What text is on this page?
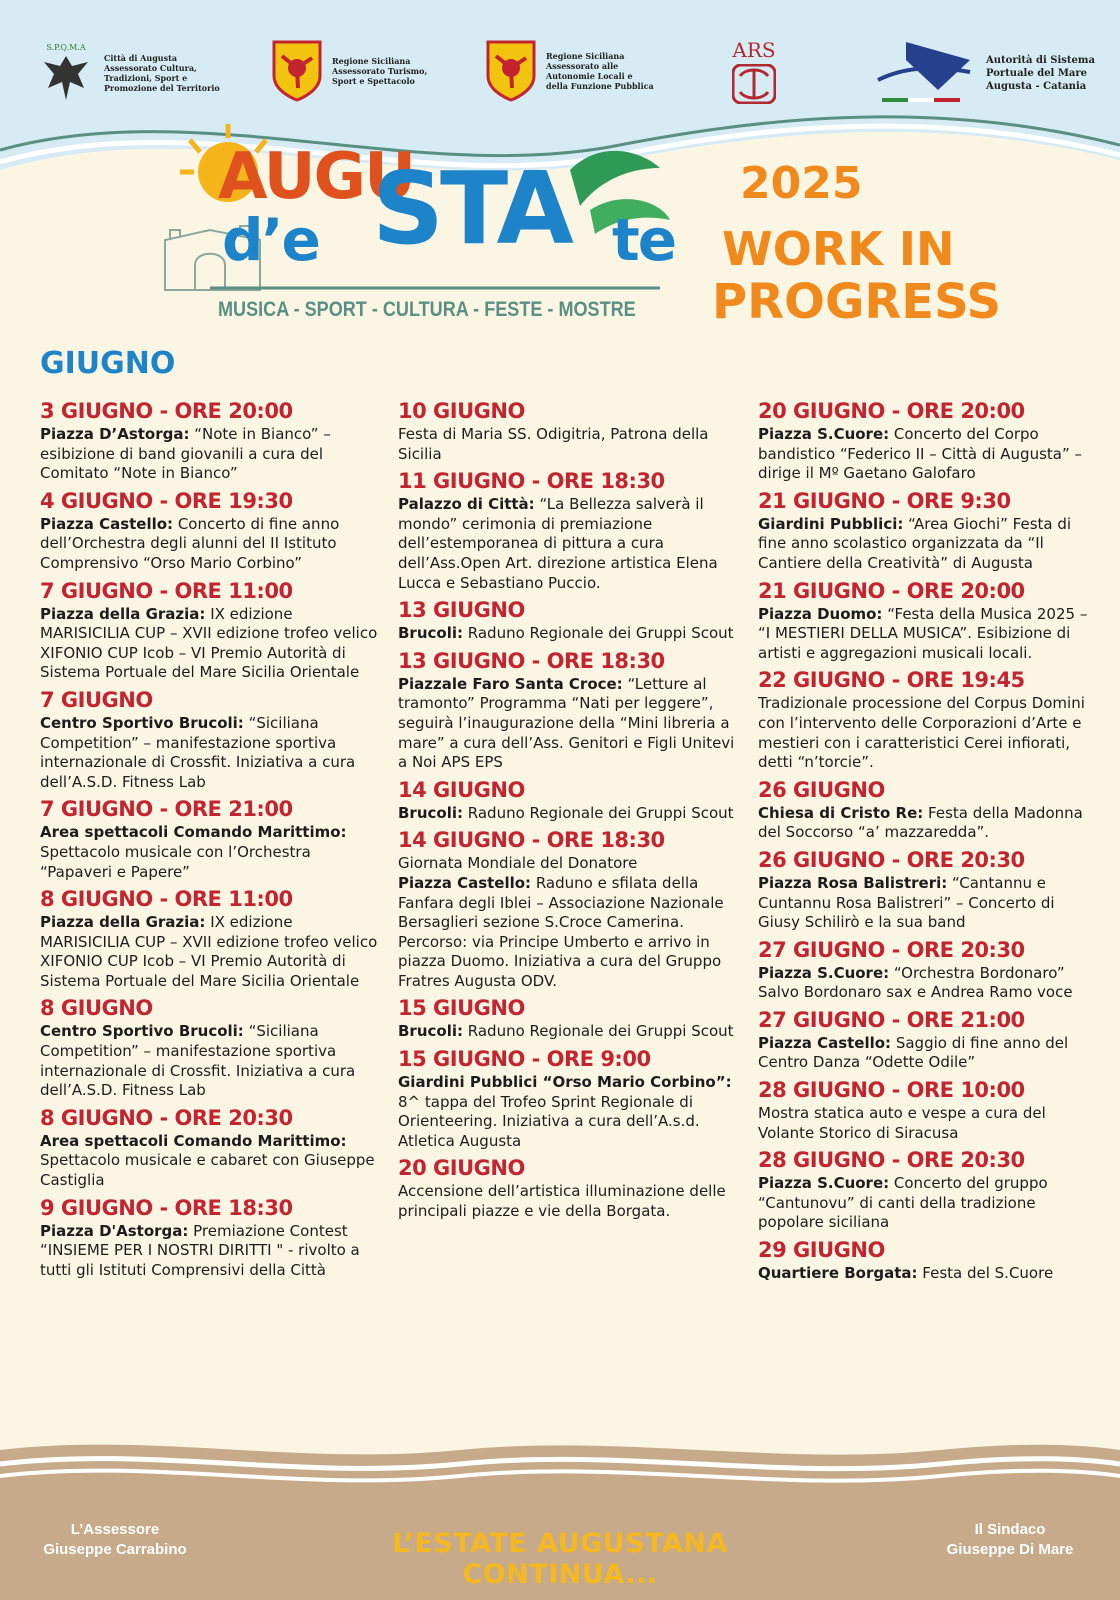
S.P.Q.M.A
Città di Augusta
Assessorato Cultura,
Tradizioni, Sport e
Promozione del Territorio
Regione Siciliana
Assessorato Turismo,
Sport e Spettacolo
Regione Siciliana
Assessorato alle
Autonomie Locali e
della Funzione Pubblica
ARS	Autorità di Sistema
Portuale del Mare
Augusta - Catania
AUGU
STA
d’e	te
MUSICA - SPORT - CULTURA - FESTE - MOSTRE
2025
WORK IN
PROGRESS
GIUGNO
3 GIUGNO - ORE 20:00

Piazza D’Astorga: “Note in Bianco” – esibizione di band giovanili a cura del Comitato “Note in Bianco”

4 GIUGNO - ORE 19:30

Piazza Castello: Concerto di fine anno dell’Orchestra degli alunni del II Istituto Comprensivo “Orso Mario Corbino”

7 GIUGNO - ORE 11:00

Piazza della Grazia: IX edizione MARISICILIA CUP – XVII edizione trofeo velico XIFONIO CUP Icob – VI Premio Autorità di Sistema Portuale del Mare Sicilia Orientale

7 GIUGNO

Centro Sportivo Brucoli: “Siciliana Competition” – manifestazione sportiva internazionale di Crossfit. Iniziativa a cura dell’A.S.D. Fitness Lab

7 GIUGNO - ORE 21:00

Area spettacoli Comando Marittimo: Spettacolo musicale con l’Orchestra “Papaveri e Papere”

8 GIUGNO - ORE 11:00

Piazza della Grazia: IX edizione MARISICILIA CUP – XVII edizione trofeo velico XIFONIO CUP Icob – VI Premio Autorità di Sistema Portuale del Mare Sicilia Orientale

8 GIUGNO

Centro Sportivo Brucoli: “Siciliana Competition” – manifestazione sportiva internazionale di Crossfit. Iniziativa a cura dell’A.S.D. Fitness Lab

8 GIUGNO - ORE 20:30

Area spettacoli Comando Marittimo: Spettacolo musicale e cabaret con Giuseppe Castiglia

9 GIUGNO - ORE 18:30

Piazza D'Astorga: Premiazione Contest “INSIEME PER I NOSTRI DIRITTI " - rivolto a tutti gli Istituti Comprensivi della Città

10 GIUGNO

Festa di Maria SS. Odigitria, Patrona della Sicilia

11 GIUGNO - ORE 18:30

Palazzo di Città: “La Bellezza salverà il mondo” cerimonia di premiazione dell’estemporanea di pittura a cura dell’Ass.Open Art. direzione artistica Elena Lucca e Sebastiano Puccio.

13 GIUGNO

Brucoli: Raduno Regionale dei Gruppi Scout

13 GIUGNO - ORE 18:30

Piazzale Faro Santa Croce: “Letture al tramonto” Programma “Nati per leggere”, seguirà l’inaugurazione della “Mini libreria a mare” a cura dell’Ass. Genitori e Figli Unitevi a Noi APS EPS

14 GIUGNO

Brucoli: Raduno Regionale dei Gruppi Scout

14 GIUGNO - ORE 18:30

Giornata Mondiale del Donatore

Piazza Castello: Raduno e sfilata della Fanfara degli Iblei – Associazione Nazionale Bersaglieri sezione S.Croce Camerina. Percorso: via Principe Umberto e arrivo in piazza Duomo. Iniziativa a cura del Gruppo Fratres Augusta ODV.

15 GIUGNO

Brucoli: Raduno Regionale dei Gruppi Scout

15 GIUGNO - ORE 9:00

Giardini Pubblici “Orso Mario Corbino”: 8^ tappa del Trofeo Sprint Regionale di Orienteering. Iniziativa a cura dell’A.s.d. Atletica Augusta

20 GIUGNO

Accensione dell’artistica illuminazione delle principali piazze e vie della Borgata.

20 GIUGNO - ORE 20:00

Piazza S.Cuore: Concerto del Corpo bandistico “Federico II – Città di Augusta” – dirige il Mº Gaetano Galofaro

21 GIUGNO - ORE 9:30

Giardini Pubblici: “Area Giochi” Festa di fine anno scolastico organizzata da “Il Cantiere della Creatività” di Augusta

21 GIUGNO - ORE 20:00

Piazza Duomo: “Festa della Musica 2025 – “I MESTIERI DELLA MUSICA”. Esibizione di artisti e aggregazioni musicali locali.

22 GIUGNO - ORE 19:45

Tradizionale processione del Corpus Domini con l’intervento delle Corporazioni d’Arte e mestieri con i caratteristici Cerei infiorati, detti “n’torcie”.

26 GIUGNO

Chiesa di Cristo Re: Festa della Madonna del Soccorso “a’ mazzaredda”.

26 GIUGNO - ORE 20:30

Piazza Rosa Balistreri: “Cantannu e Cuntannu Rosa Balistreri” – Concerto di Giusy Schilirò e la sua band

27 GIUGNO - ORE 20:30

Piazza S.Cuore: “Orchestra Bordonaro” Salvo Bordonaro sax e Andrea Ramo voce

27 GIUGNO - ORE 21:00

Piazza Castello: Saggio di fine anno del Centro Danza “Odette Odile”

28 GIUGNO - ORE 10:00

Mostra statica auto e vespe a cura del Volante Storico di Siracusa

28 GIUGNO - ORE 20:30

Piazza S.Cuore: Concerto del gruppo “Cantunovu” di canti della tradizione popolare siciliana

29 GIUGNO

Quartiere Borgata: Festa del S.Cuore

L’Assessore
Giuseppe Carrabino	L’ESTATE AUGUSTANA CONTINUA...
Il Sindaco
Giuseppe Di Mare
